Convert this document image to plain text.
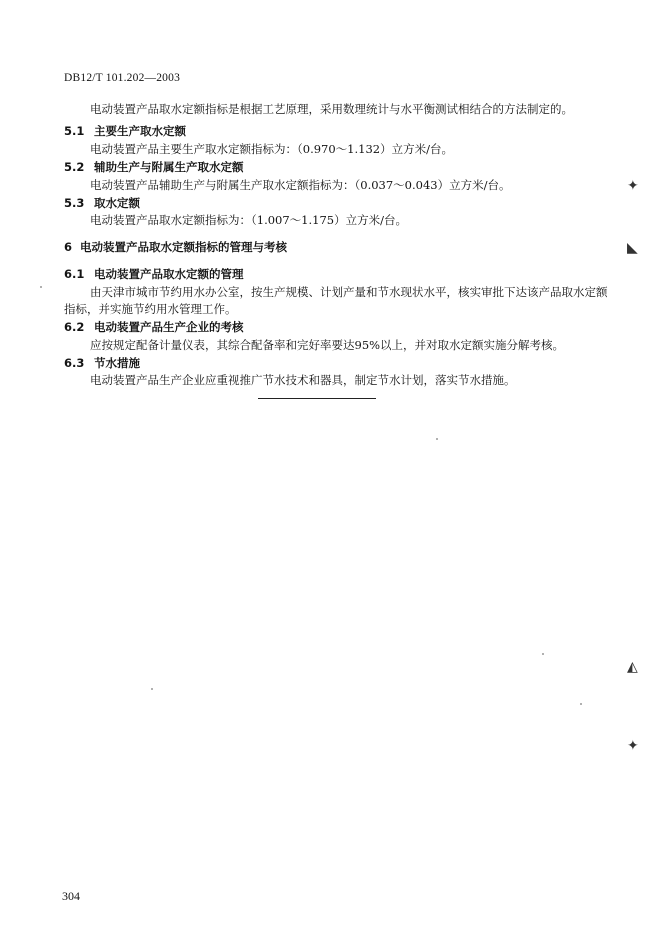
DB12/T 101.202—2003
电动装置产品取水定额指标是根据工艺原理，采用数理统计与水平衡测试相结合的方法制定的。
5.1 主要生产取水定额
电动装置产品主要生产取水定额指标为：（0.970～1.132）立方米/台。
5.2 辅助生产与附属生产取水定额
电动装置产品辅助生产与附属生产取水定额指标为：（0.037～0.043）立方米/台。
5.3 取水定额
电动装置产品取水定额指标为：（1.007～1.175）立方米/台。
6 电动装置产品取水定额指标的管理与考核
6.1 电动装置产品取水定额的管理
由天津市城市节约用水办公室，按生产规模、计划产量和节水现状水平，核实审批下达该产品取水定额
指标，并实施节约用水管理工作。
6.2 电动装置产品生产企业的考核
应按规定配备计量仪表，其综合配备率和完好率要达95%以上，并对取水定额实施分解考核。
6.3 节水措施
电动装置产品生产企业应重视推广节水技术和器具，制定节水计划，落实节水措施。
✦
◣
◭
✦
304
